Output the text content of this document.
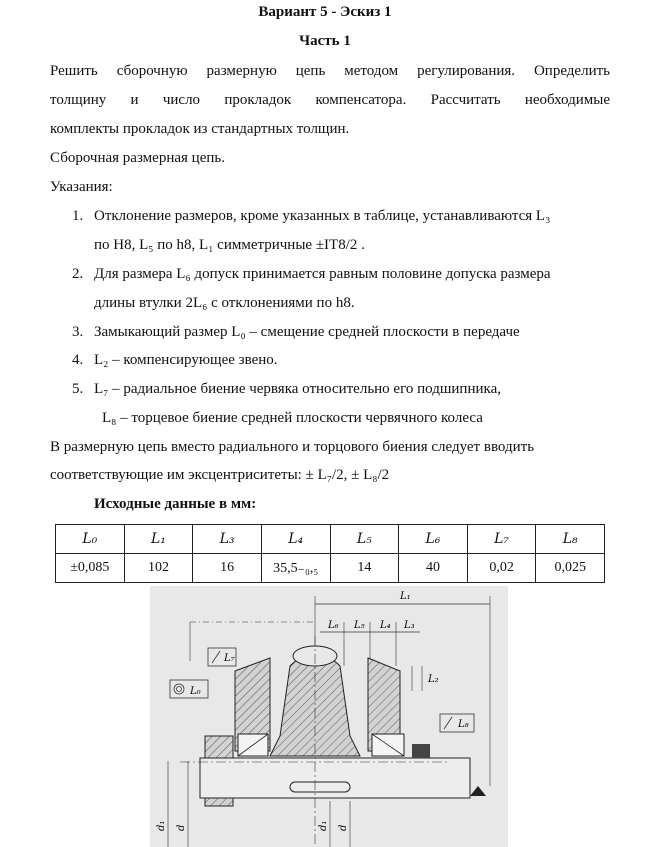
Вариант 5 - Эскиз 1
Часть 1
Решить сборочную размерную цепь методом регулирования. Определить
толщину и число прокладок компенсатора. Рассчитать необходимые
комплекты прокладок из стандартных толщин.
Сборочная размерная цепь.
Указания:
1. Отклонение размеров, кроме указанных в таблице, устанавливаются L₃
по H8, L₅ по h8, L₁ симметричные ±IT8/2 .
2. Для размера L₆ допуск принимается равным половине допуска размера
длины втулки 2L₆ с отклонениями по h8.
3. Замыкающий размер L₀ – смещение средней плоскости в передаче
4. L₂ – компенсирующее звено.
5. L₇ – радиальное биение червяка относительно его подшипника,
L₈ – торцевое биение средней плоскости червячного колеса
В размерную цепь вместо радиального и торцового биения следует вводить
соответствующие им эксцентриситеты: ± L₇/2, ± L₈/2
Исходные данные в мм:
L₀	L₁	L₃	L₄	L₅	L₆	L₇	L₈
±0,085	102	16	35,5₋₀,₅	14	40	0,02	0,025
L₁
L₆ L₅ L₄ L₃
L₂
L₇
L₀
L₈
d₁ d	d₁ d
